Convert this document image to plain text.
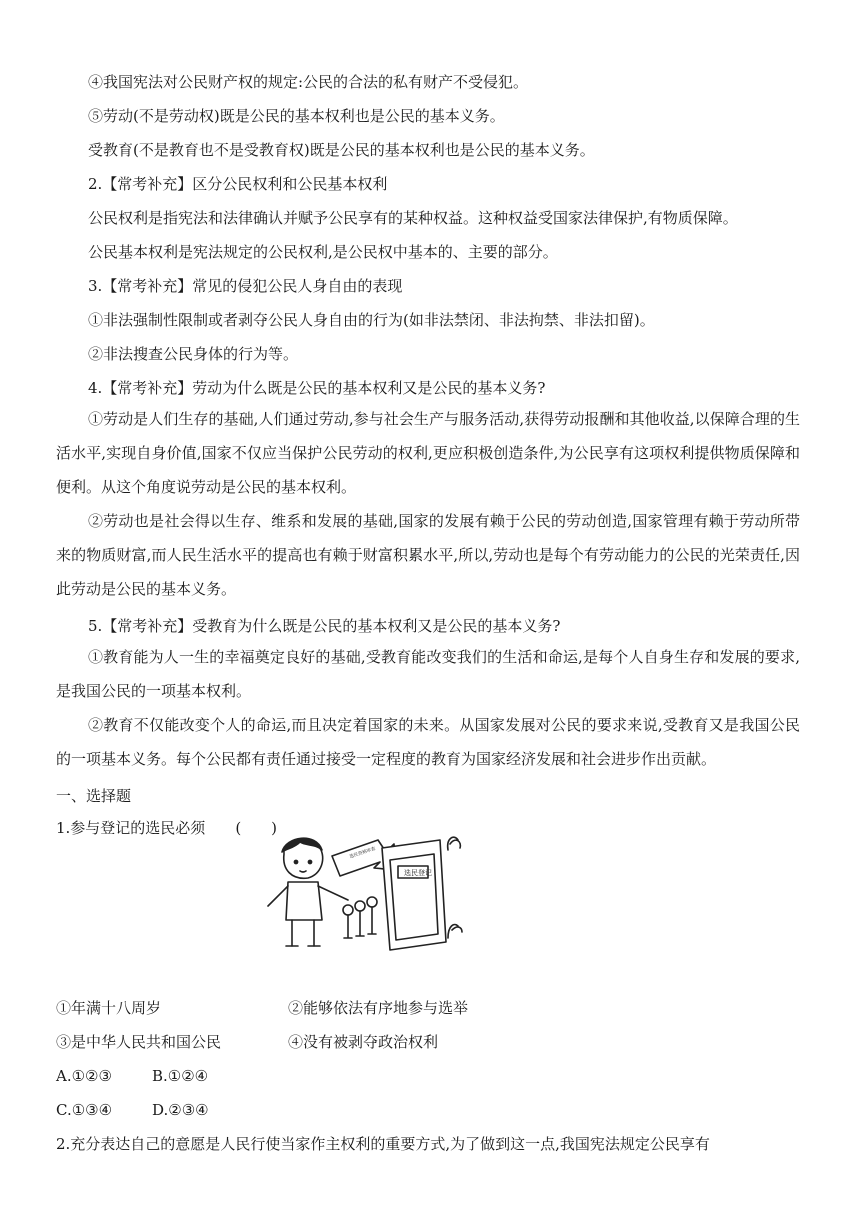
④我国宪法对公民财产权的规定:公民的合法的私有财产不受侵犯。
⑤劳动(不是劳动权)既是公民的基本权利也是公民的基本义务。
受教育(不是教育也不是受教育权)既是公民的基本权利也是公民的基本义务。
2.【常考补充】区分公民权利和公民基本权利
公民权利是指宪法和法律确认并赋予公民享有的某种权益。这种权益受国家法律保护,有物质保障。
公民基本权利是宪法规定的公民权利,是公民权中基本的、主要的部分。
3.【常考补充】常见的侵犯公民人身自由的表现
①非法强制性限制或者剥夺公民人身自由的行为(如非法禁闭、非法拘禁、非法扣留)。
②非法搜查公民身体的行为等。
4.【常考补充】劳动为什么既是公民的基本权利又是公民的基本义务?
①劳动是人们生存的基础,人们通过劳动,参与社会生产与服务活动,获得劳动报酬和其他收益,以保障合理的生活水平,实现自身价值,国家不仅应当保护公民劳动的权利,更应积极创造条件,为公民享有这项权利提供物质保障和便利。从这个角度说劳动是公民的基本权利。
②劳动也是社会得以生存、维系和发展的基础,国家的发展有赖于公民的劳动创造,国家管理有赖于劳动所带来的物质财富,而人民生活水平的提高也有赖于财富积累水平,所以,劳动也是每个有劳动能力的公民的光荣责任,因此劳动是公民的基本义务。
5.【常考补充】受教育为什么既是公民的基本权利又是公民的基本义务?
①教育能为人一生的幸福奠定良好的基础,受教育能改变我们的生活和命运,是每个人自身生存和发展的要求,是我国公民的一项基本权利。
②教育不仅能改变个人的命运,而且决定着国家的未来。从国家发展对公民的要求来说,受教育又是我国公民的一项基本义务。每个公民都有责任通过接受一定程度的教育为国家经济发展和社会进步作出贡献。
一、选择题
1.参与登记的选民必须　　(　　)
选民登记
选民资格审查
①年满十八周岁	②能够依法有序地参与选举
③是中华人民共和国公民	④没有被剥夺政治权利
A.①②③	B.①②④
C.①③④	D.②③④
2.充分表达自己的意愿是人民行使当家作主权利的重要方式,为了做到这一点,我国宪法规定公民享有
